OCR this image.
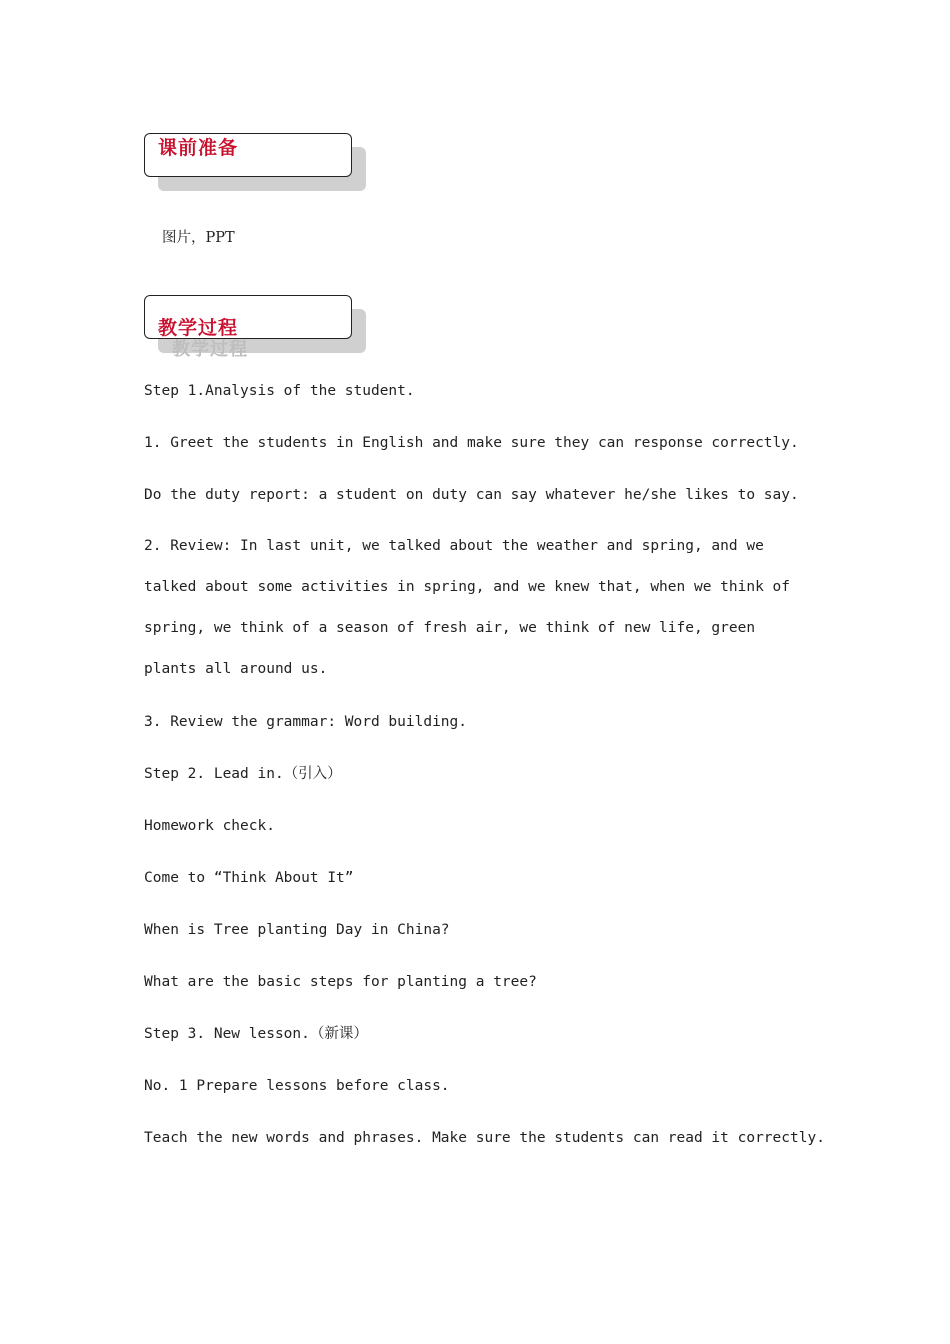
课前准备
图片，PPT
教学过程
教学过程
Step 1.Analysis of the student.
1. Greet the students in English and make sure they can response correctly.
Do the duty report: a student on duty can say whatever he/she likes to say.
2. Review: In last unit, we talked about the weather and spring, and we talked about some activities in spring, and we knew that, when we think of spring, we think of a season of fresh air, we think of new life, green plants all around us.
3. Review the grammar: Word building.
Step 2. Lead in.（引入）
Homework check.
Come to “Think About It”
When is Tree planting Day in China?
What are the basic steps for planting a tree?
Step 3. New lesson.（新课）
No. 1 Prepare lessons before class.
Teach the new words and phrases. Make sure the students can read it correctly.
